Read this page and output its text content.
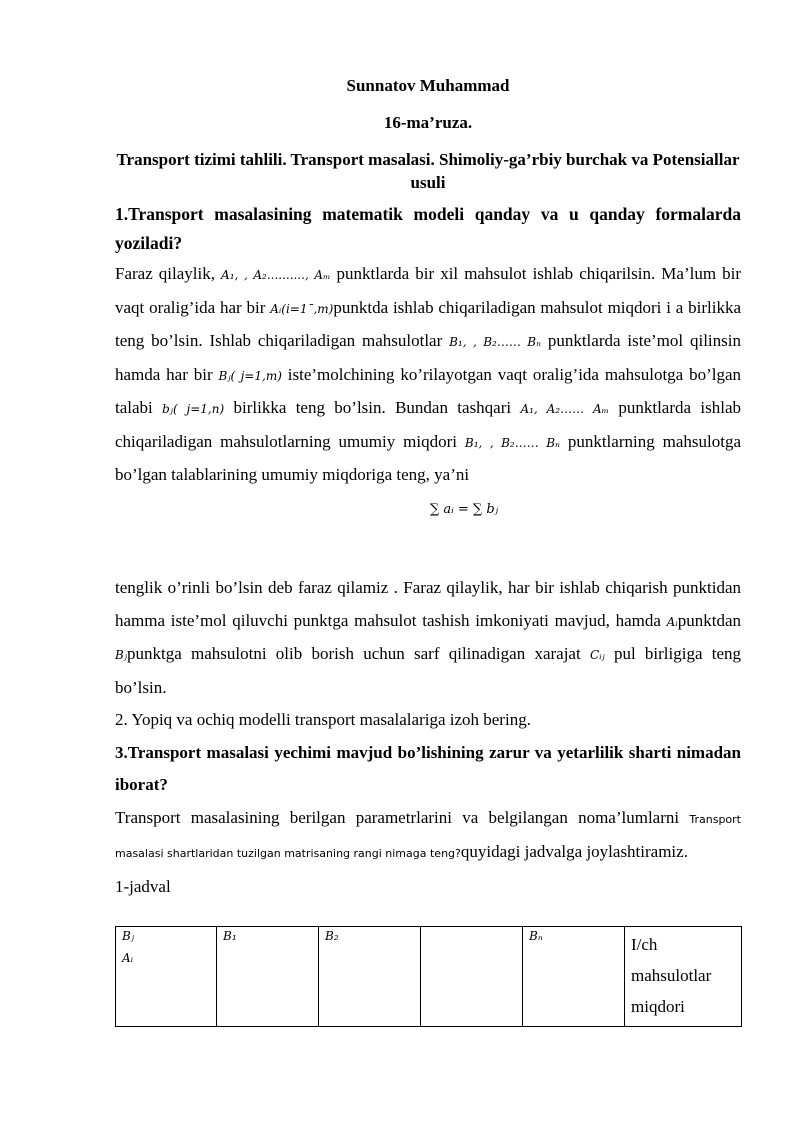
Sunnatov Muhammad
16-ma’ruza.
Transport tizimi tahlili. Transport masalasi. Shimoliy-ga’rbiy burchak va Potensiallar usuli
1.Transport masalasining matematik modeli qanday va u qanday formalarda yoziladi?
Faraz qilaylik, A₁, , A₂.........., Aₘ punktlarda bir xil mahsulot ishlab chiqarilsin. Ma’lum bir vaqt oralig’ida har bir Aᵢ(i=1¯,m)punktda ishlab chiqariladigan mahsulot miqdori i a birlikka teng bo’lsin. Ishlab chiqariladigan mahsulotlar B₁, , B₂…… Bₙ punktlarda iste’mol qilinsin hamda har bir Bⱼ( j=1,m) iste’molchining ko’rilayotgan vaqt oralig’ida mahsulotga bo’lgan talabi bⱼ( j=1,n) birlikka teng bo’lsin. Bundan tashqari A₁, A₂…… Aₘ punktlarda ishlab chiqariladigan mahsulotlarning umumiy miqdori B₁, , B₂…… Bₙ punktlarning mahsulotga bo’lgan talablarining umumiy miqdoriga teng, ya’ni
∑ aᵢ = ∑ bⱼ
tenglik o’rinli bo’lsin deb faraz qilamiz . Faraz qilaylik, har bir ishlab chiqarish punktidan hamma iste’mol qiluvchi punktga mahsulot tashish imkoniyati mavjud, hamda Aᵢpunktdan Bⱼpunktga mahsulotni olib borish uchun sarf qilinadigan xarajat Cᵢⱼ pul birligiga teng bo’lsin.
2. Yopiq va ochiq modelli transport masalalariga izoh bering.
3.Transport masalasi yechimi mavjud bo’lishining zarur va yetarlilik sharti nimadan iborat?
Transport masalasining berilgan parametrlarini va belgilangan noma’lumlarni Transport masalasi shartlaridan tuzilgan matrisaning rangi nimaga teng?quyidagi jadvalga joylashtiramiz.
1-jadval
Bⱼ
Aᵢ
	B₁	B₂		Bₙ	I/ch mahsulotlar miqdori
